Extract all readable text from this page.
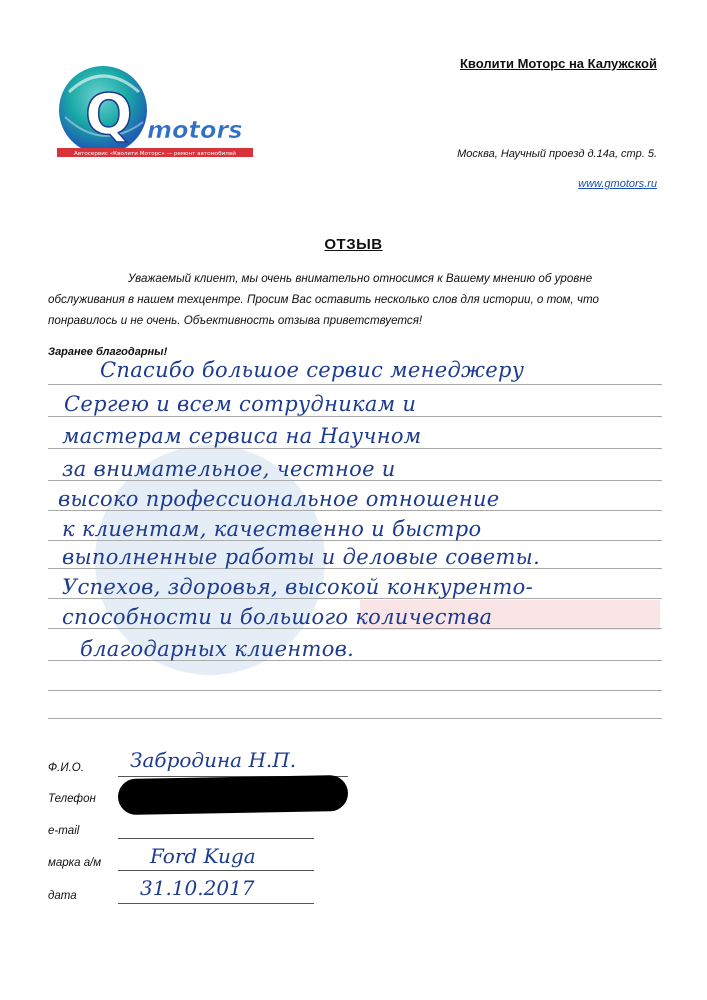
Q motors
Автосервис «Кволити Моторс» — ремонт автомобилей
Кволити Моторс на Калужской
Москва, Научный проезд д.14а, стр. 5.
www.gmotors.ru
ОТЗЫВ
Уважаемый клиент, мы очень внимательно относимся к Вашему мнению об уровне обслуживания в нашем техцентре. Просим Вас оставить несколько слов для истории, о том, что понравилось и не очень. Объективность отзыва приветствуется!
Заранее благодарны!
Спасибо большое сервис менеджеру
Сергею и всем сотрудникам и
мастерам сервиса на Научном
за внимательное, честное и
высоко профессиональное отношение
к клиентам, качественно и быстро
выполненные работы и деловые советы.
Успехов, здоровья, высокой конкуренто-
способности и большого количества
благодарных клиентов.
Ф.И.О. Забродина Н.П.
Телефон
e-mail
марка а/м Ford Kuga
дата	31.10.2017
